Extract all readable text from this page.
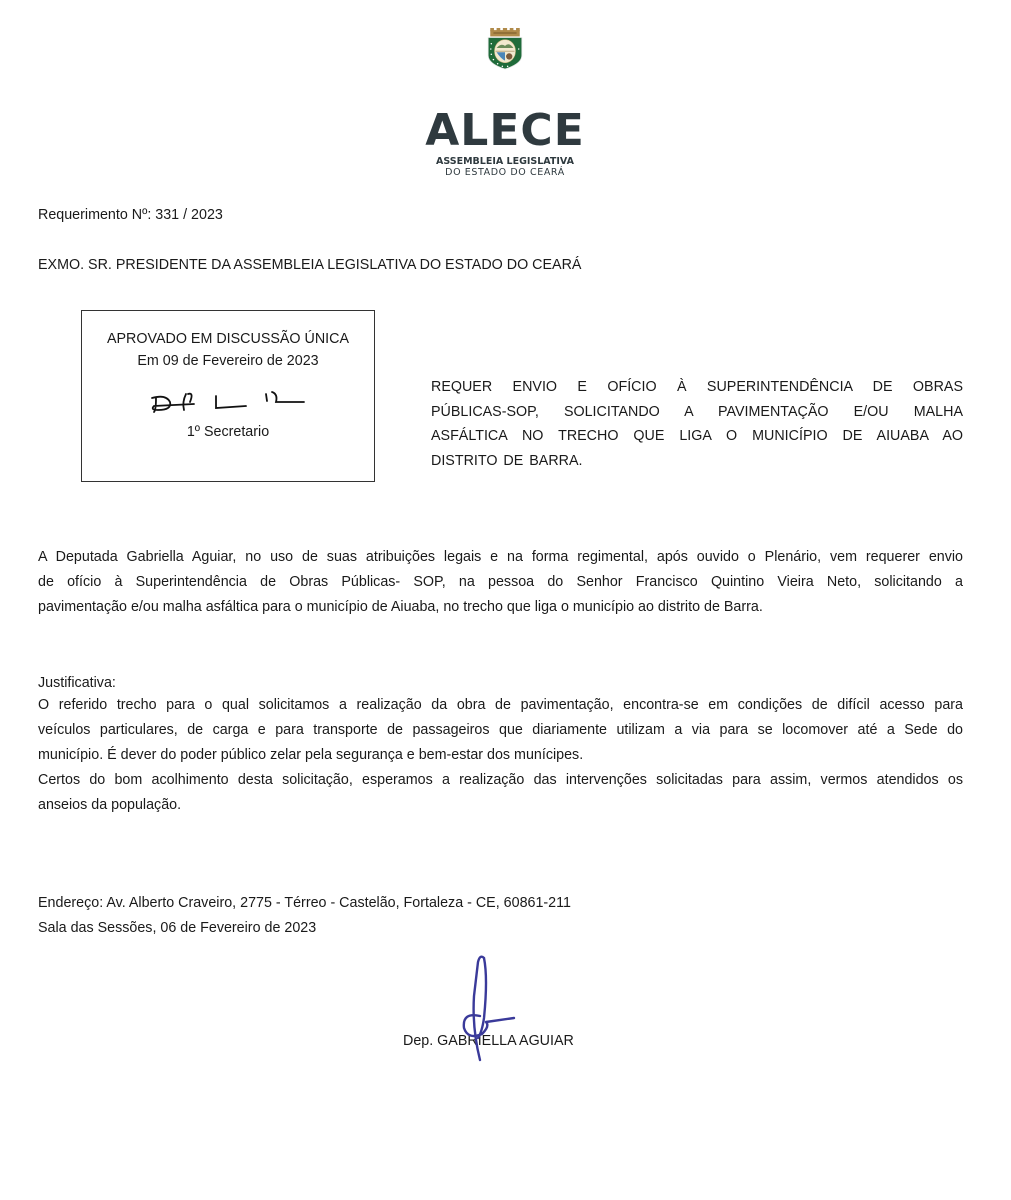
ALECE
ASSEMBLEIA LEGISLATIVA
DO ESTADO DO CEARÁ
Requerimento Nº: 331 / 2023
EXMO. SR. PRESIDENTE DA ASSEMBLEIA LEGISLATIVA DO ESTADO DO CEARÁ
APROVADO EM DISCUSSÃO ÚNICA
Em 09 de Fevereiro de 2023
1º Secretario
REQUER ENVIO E OFÍCIO À SUPERINTENDÊNCIA DE OBRAS
PÚBLICAS-SOP, SOLICITANDO A PAVIMENTAÇÃO E/OU MALHA
ASFÁLTICA NO TRECHO QUE LIGA O MUNICÍPIO DE AIUABA AO
DISTRITO DE BARRA.
A Deputada Gabriella Aguiar, no uso de suas atribuições legais e na forma regimental, após ouvido o Plenário, vem requerer envio
de ofício à Superintendência de Obras Públicas- SOP, na pessoa do Senhor Francisco Quintino Vieira Neto, solicitando a
pavimentação e/ou malha asfáltica para o município de Aiuaba, no trecho que liga o município ao distrito de Barra.
Justificativa:
O referido trecho para o qual solicitamos a realização da obra de pavimentação, encontra-se em condições de difícil acesso para
veículos particulares, de carga e para transporte de passageiros que diariamente utilizam a via para se locomover até a Sede do
município. É dever do poder público zelar pela segurança e bem-estar dos munícipes.
Certos do bom acolhimento desta solicitação, esperamos a realização das intervenções solicitadas para assim, vermos atendidos os
anseios da população.
Endereço: Av. Alberto Craveiro, 2775 - Térreo - Castelão, Fortaleza - CE, 60861-211
Sala das Sessões, 06 de Fevereiro de 2023
Dep. GABRIELLA AGUIAR
